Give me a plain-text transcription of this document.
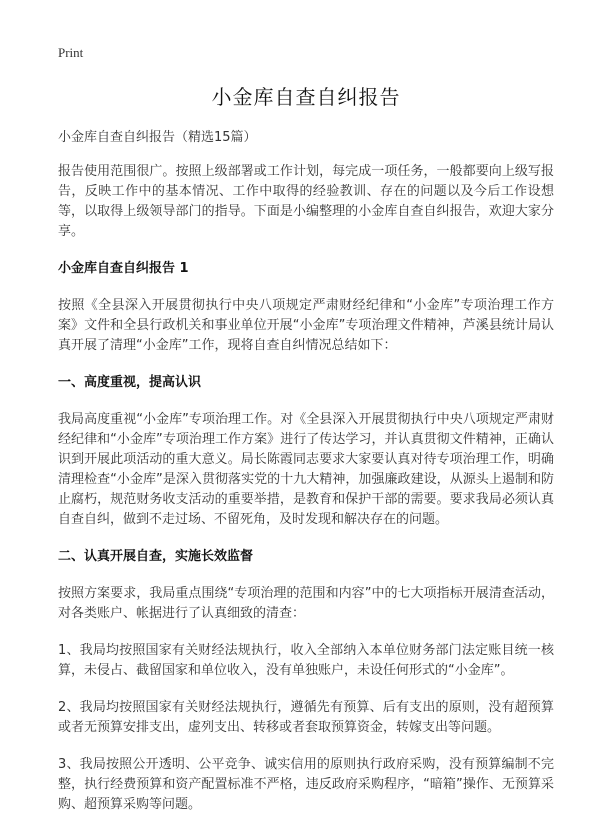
Print
小金库自查自纠报告
小金库自查自纠报告（精选15篇）

报告使用范围很广。按照上级部署或工作计划，每完成一项任务，一般都要向上级写报告，反映工作中的基本情况、工作中取得的经验教训、存在的问题以及今后工作设想等，以取得上级领导部门的指导。下面是小编整理的小金库自查自纠报告，欢迎大家分享。

小金库自查自纠报告 1

按照《全县深入开展贯彻执行中央八项规定严肃财经纪律和“小金库”专项治理工作方案》文件和全县行政机关和事业单位开展“小金库”专项治理文件精神，芦溪县统计局认真开展了清理“小金库”工作，现将自查自纠情况总结如下：

一、高度重视，提高认识

我局高度重视“小金库”专项治理工作。对《全县深入开展贯彻执行中央八项规定严肃财经纪律和“小金库”专项治理工作方案》进行了传达学习，并认真贯彻文件精神，正确认识到开展此项活动的重大意义。局长陈霞同志要求大家要认真对待专项治理工作，明确清理检查“小金库”是深入贯彻落实党的十九大精神，加强廉政建设，从源头上遏制和防止腐朽，规范财务收支活动的重要举措，是教育和保护干部的需要。要求我局必须认真自查自纠，做到不走过场、不留死角，及时发现和解决存在的问题。

二、认真开展自查，实施长效监督

按照方案要求，我局重点围绕“专项治理的范围和内容”中的七大项指标开展清查活动，对各类账户、帐据进行了认真细致的清查：

1、我局均按照国家有关财经法规执行，收入全部纳入本单位财务部门法定账目统一核算，未侵占、截留国家和单位收入，没有单独账户，未设任何形式的“小金库”。

2、我局均按照国家有关财经法规执行，遵循先有预算、后有支出的原则，没有超预算或者无预算安排支出，虚列支出、转移或者套取预算资金，转嫁支出等问题。

3、我局按照公开透明、公平竞争、诚实信用的原则执行政府采购，没有预算编制不完整，执行经费预算和资产配置标准不严格，违反政府采购程序，“暗箱”操作、无预算采购、超预算采购等问题。
